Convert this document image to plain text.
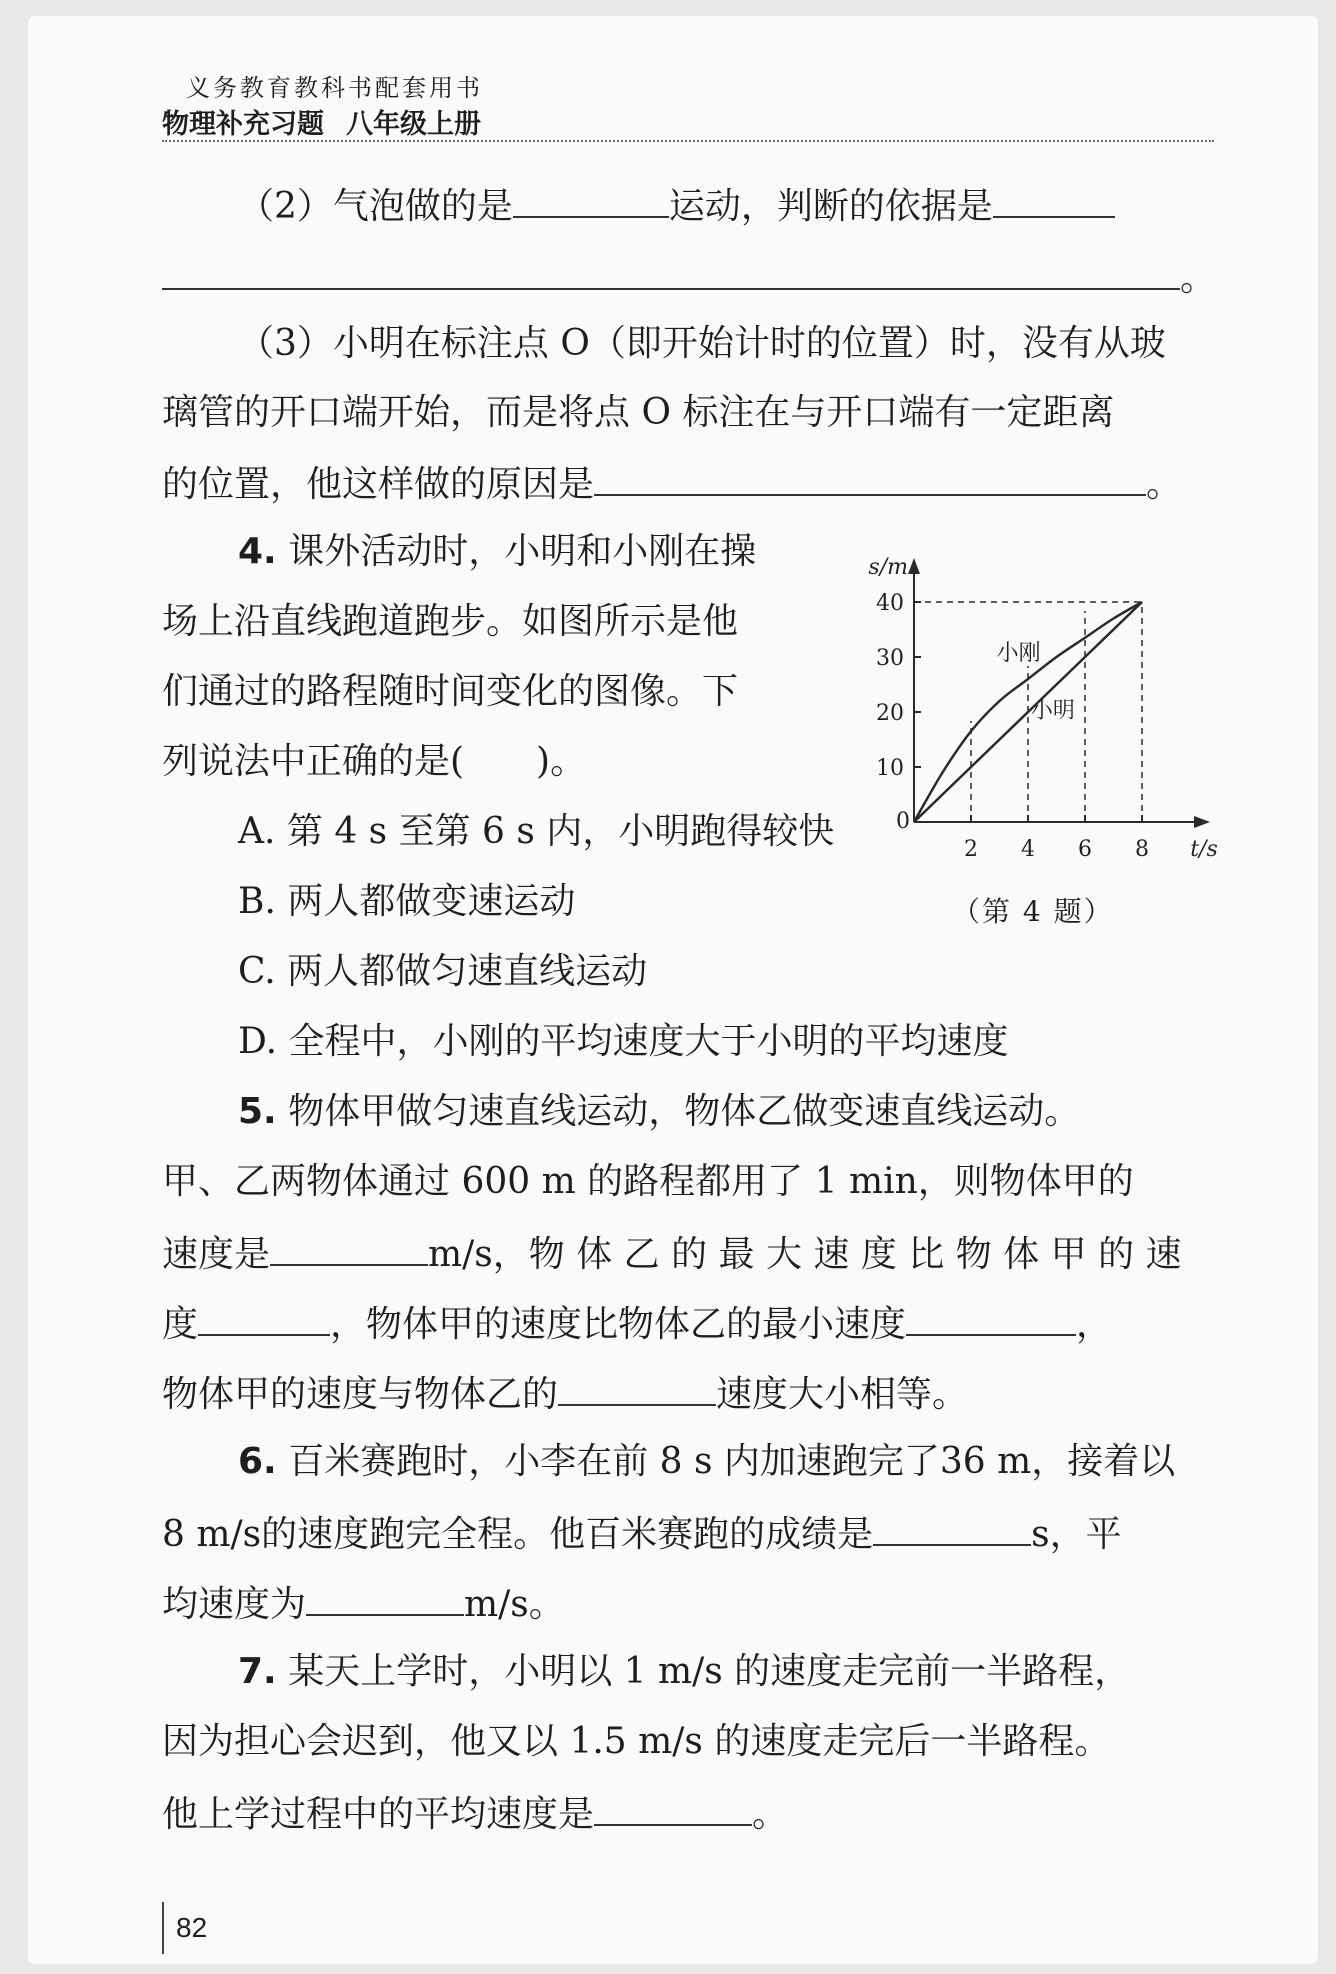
义务教育教科书配套用书
物理补充习题 八年级上册
（2）气泡做的是	运动，判断的依据是
。
（3）小明在标注点 O（即开始计时的位置）时，没有从玻
璃管的开口端开始，而是将点 O 标注在与开口端有一定距离
的位置，他这样做的原因是	。
4. 课外活动时，小明和小刚在操
场上沿直线跑道跑步。如图所示是他
们通过的路程随时间变化的图像。下
列说法中正确的是(　　)。
A. 第 4 s 至第 6 s 内，小明跑得较快
B. 两人都做变速运动
C. 两人都做匀速直线运动
D. 全程中，小刚的平均速度大于小明的平均速度
2 4 6 8
10
20
30
40
小刚
小明
0
t/s
s/m
（第 4 题）
5. 物体甲做匀速直线运动，物体乙做变速直线运动。
甲、乙两物体通过 600 m 的路程都用了 1 min，则物体甲的
速度是	m/s，物 体 乙 的 最 大 速 度 比 物 体 甲 的 速
度	，物体甲的速度比物体乙的最小速度	，
物体甲的速度与物体乙的	速度大小相等。
6. 百米赛跑时，小李在前 8 s 内加速跑完了36 m，接着以
8 m/s的速度跑完全程。他百米赛跑的成绩是	s，平
均速度为	m/s。
7. 某天上学时，小明以 1 m/s 的速度走完前一半路程，
因为担心会迟到，他又以 1.5 m/s 的速度走完后一半路程。
他上学过程中的平均速度是	。
82
